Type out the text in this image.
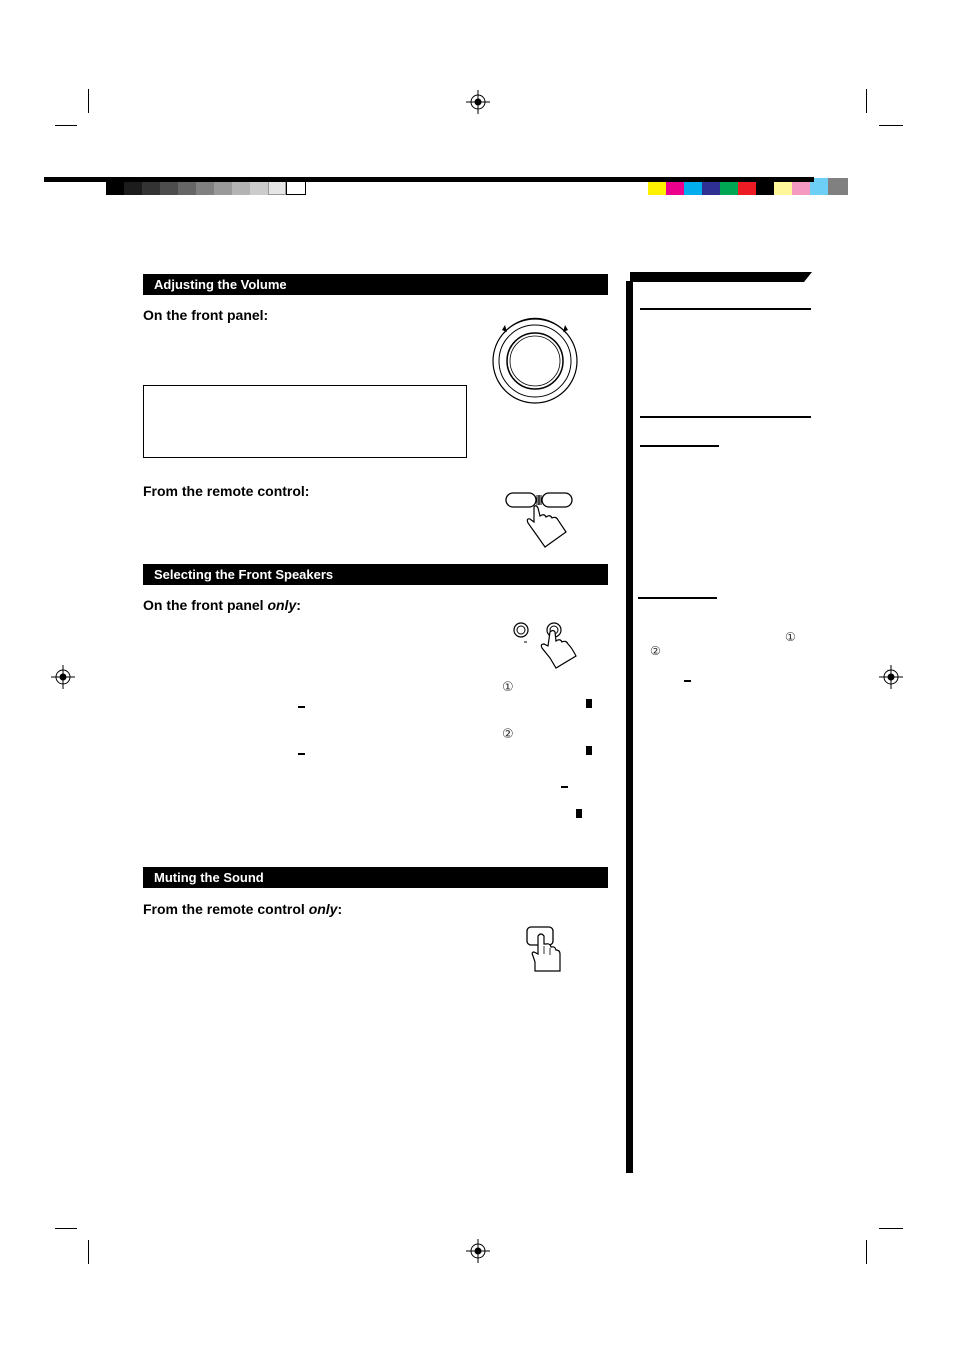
Adjusting the Volume
On the front panel:
From the remote control:
Selecting the Front Speakers
On the front panel only:
①
②
Muting the Sound
From the remote control only:
①
②
